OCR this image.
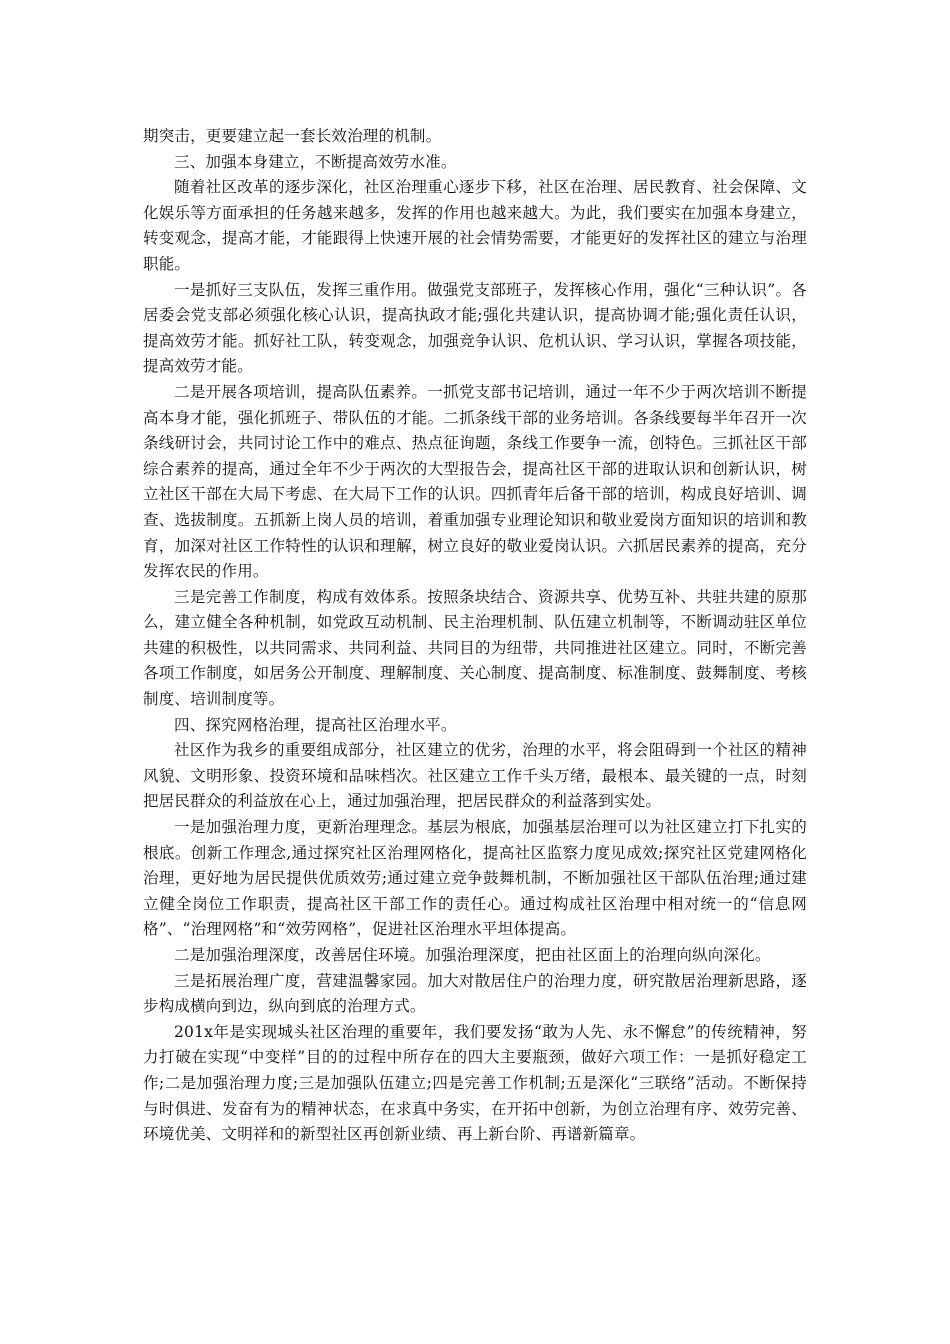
期突击，更要建立起一套长效治理的机制。

三、加强本身建立，不断提高效劳水准。

随着社区改革的逐步深化，社区治理重心逐步下移，社区在治理、居民教育、社会保障、文化娱乐等方面承担的任务越来越多，发挥的作用也越来越大。为此，我们要实在加强本身建立，转变观念，提高才能，才能跟得上快速开展的社会情势需要，才能更好的发挥社区的建立与治理职能。

一是抓好三支队伍，发挥三重作用。做强党支部班子，发挥核心作用，强化“三种认识”。各居委会党支部必须强化核心认识，提高执政才能;强化共建认识，提高协调才能;强化责任认识，提高效劳才能。抓好社工队，转变观念，加强竞争认识、危机认识、学习认识，掌握各项技能，提高效劳才能。

二是开展各项培训，提高队伍素养。一抓党支部书记培训，通过一年不少于两次培训不断提高本身才能，强化抓班子、带队伍的才能。二抓条线干部的业务培训。各条线要每半年召开一次条线研讨会，共同讨论工作中的难点、热点征询题，条线工作要争一流，创特色。三抓社区干部综合素养的提高，通过全年不少于两次的大型报告会，提高社区干部的进取认识和创新认识，树立社区干部在大局下考虑、在大局下工作的认识。四抓青年后备干部的培训，构成良好培训、调查、选拔制度。五抓新上岗人员的培训，着重加强专业理论知识和敬业爱岗方面知识的培训和教育，加深对社区工作特性的认识和理解，树立良好的敬业爱岗认识。六抓居民素养的提高，充分发挥农民的作用。

三是完善工作制度，构成有效体系。按照条块结合、资源共享、优势互补、共驻共建的原那么，建立健全各种机制，如党政互动机制、民主治理机制、队伍建立机制等，不断调动驻区单位共建的积极性，以共同需求、共同利益、共同目的为纽带，共同推进社区建立。同时，不断完善各项工作制度，如居务公开制度、理解制度、关心制度、提高制度、标准制度、鼓舞制度、考核制度、培训制度等。

四、探究网格治理，提高社区治理水平。

社区作为我乡的重要组成部分，社区建立的优劣，治理的水平，将会阻碍到一个社区的精神风貌、文明形象、投资环境和品味档次。社区建立工作千头万绪，最根本、最关键的一点，时刻把居民群众的利益放在心上，通过加强治理，把居民群众的利益落到实处。

一是加强治理力度，更新治理理念。基层为根底，加强基层治理可以为社区建立打下扎实的根底。创新工作理念,通过探究社区治理网格化，提高社区监察力度见成效;探究社区党建网格化治理，更好地为居民提供优质效劳;通过建立竞争鼓舞机制，不断加强社区干部队伍治理;通过建立健全岗位工作职责，提高社区干部工作的责任心。通过构成社区治理中相对统一的“信息网格”、“治理网格”和“效劳网格”，促进社区治理水平坦体提高。

二是加强治理深度，改善居住环境。加强治理深度，把由社区面上的治理向纵向深化。

三是拓展治理广度，营建温馨家园。加大对散居住户的治理力度，研究散居治理新思路，逐步构成横向到边，纵向到底的治理方式。

201x年是实现城头社区治理的重要年，我们要发扬“敢为人先、永不懈怠”的传统精神，努力打破在实现“中变样”目的的过程中所存在的四大主要瓶颈，做好六项工作：一是抓好稳定工作;二是加强治理力度;三是加强队伍建立;四是完善工作机制;五是深化“三联络”活动。不断保持与时俱进、发奋有为的精神状态，在求真中务实，在开拓中创新，为创立治理有序、效劳完善、环境优美、文明祥和的新型社区再创新业绩、再上新台阶、再谱新篇章。
